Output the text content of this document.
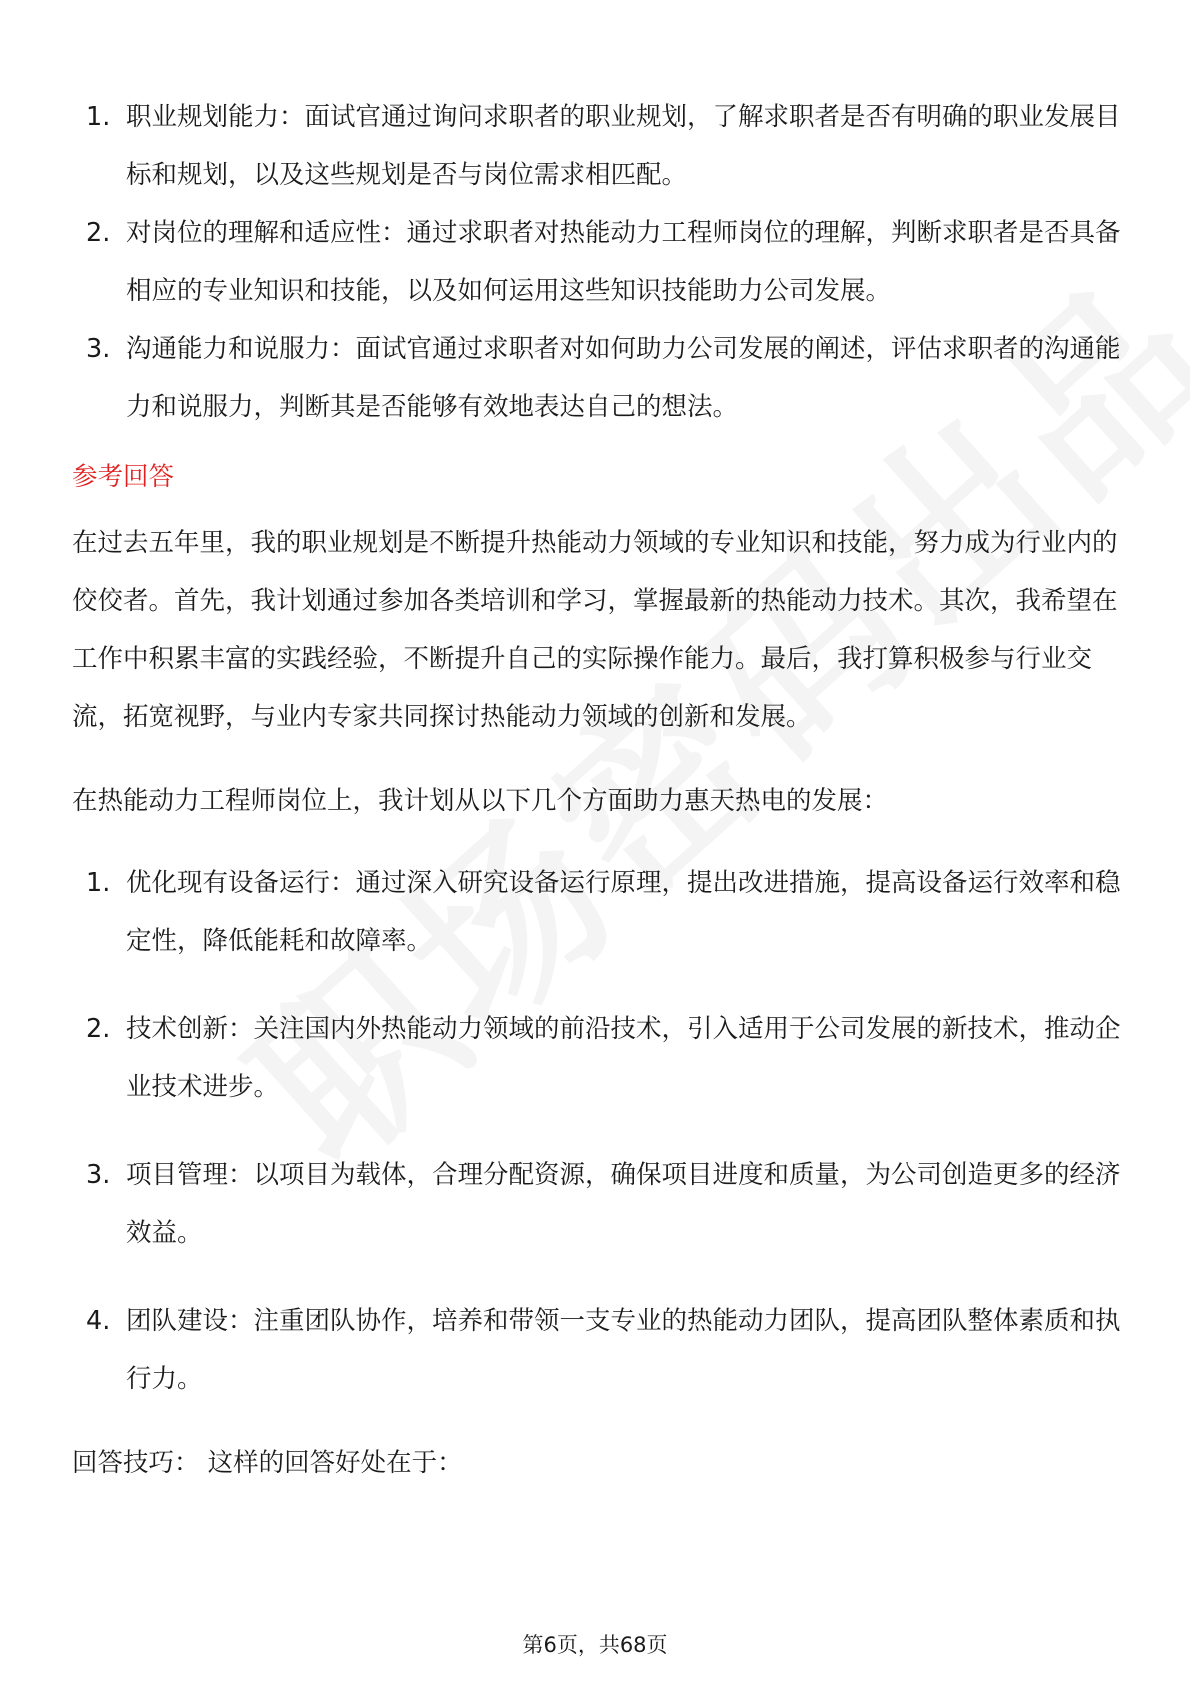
1. 职业规划能力：面试官通过询问求职者的职业规划，了解求职者是否有明确的职业发展目标和规划，以及这些规划是否与岗位需求相匹配。
2. 对岗位的理解和适应性：通过求职者对热能动力工程师岗位的理解，判断求职者是否具备相应的专业知识和技能，以及如何运用这些知识技能助力公司发展。
3. 沟通能力和说服力：面试官通过求职者对如何助力公司发展的阐述，评估求职者的沟通能力和说服力，判断其是否能够有效地表达自己的想法。
参考回答

在过去五年里，我的职业规划是不断提升热能动力领域的专业知识和技能，努力成为行业内的佼佼者。首先，我计划通过参加各类培训和学习，掌握最新的热能动力技术。其次，我希望在工作中积累丰富的实践经验，不断提升自己的实际操作能力。最后，我打算积极参与行业交流，拓宽视野，与业内专家共同探讨热能动力领域的创新和发展。

在热能动力工程师岗位上，我计划从以下几个方面助力惠天热电的发展：

1. 优化现有设备运行：通过深入研究设备运行原理，提出改进措施，提高设备运行效率和稳定性，降低能耗和故障率。
2. 技术创新：关注国内外热能动力领域的前沿技术，引入适用于公司发展的新技术，推动企业技术进步。
3. 项目管理：以项目为载体，合理分配资源，确保项目进度和质量，为公司创造更多的经济效益。
4. 团队建设：注重团队协作，培养和带领一支专业的热能动力团队，提高团队整体素质和执行力。

回答技巧： 这样的回答好处在于：

第6页，共68页
